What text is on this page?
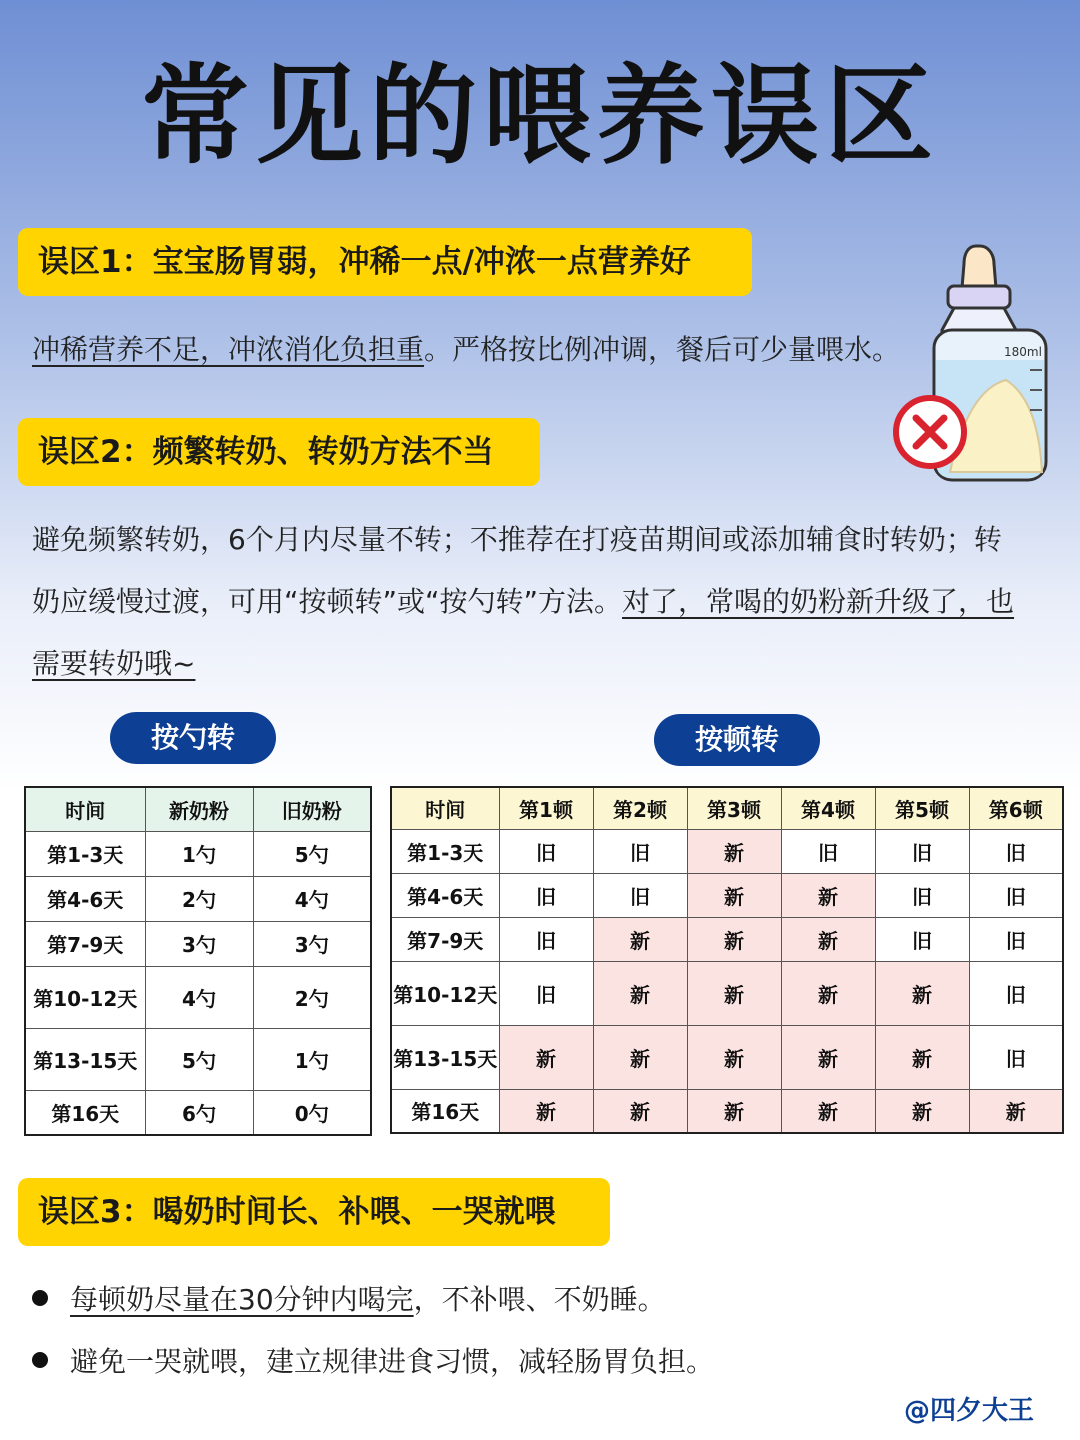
常见的喂养误区
误区1：宝宝肠胃弱，冲稀一点/冲浓一点营养好
冲稀营养不足，冲浓消化负担重。严格按比例冲调，餐后可少量喂水。	180ml
误区2：频繁转奶、转奶方法不当
避免频繁转奶，6个月内尽量不转；不推荐在打疫苗期间或添加辅食时转奶；转
奶应缓慢过渡，可用“按顿转”或“按勺转”方法。对了，常喝的奶粉新升级了，也
需要转奶哦~
按勺转	按顿转
时间	新奶粉	旧奶粉
第1-3天	1勺	5勺
第4-6天	2勺	4勺
第7-9天	3勺	3勺
第10-12天	4勺	2勺
第13-15天	5勺	1勺
第16天	6勺	0勺
时间	第1顿	第2顿	第3顿	第4顿	第5顿	第6顿
第1-3天	旧	旧	新	旧	旧	旧
第4-6天	旧	旧	新	新	旧	旧
第7-9天	旧	新	新	新	旧	旧
第10-12天	旧	新	新	新	新	旧
第13-15天	新	新	新	新	新	旧
第16天	新	新	新	新	新	新
误区3：喝奶时间长、补喂、一哭就喂
每顿奶尽量在30分钟内喝完，不补喂、不奶睡。
避免一哭就喂，建立规律进食习惯，减轻肠胃负担。
@四夕大王
